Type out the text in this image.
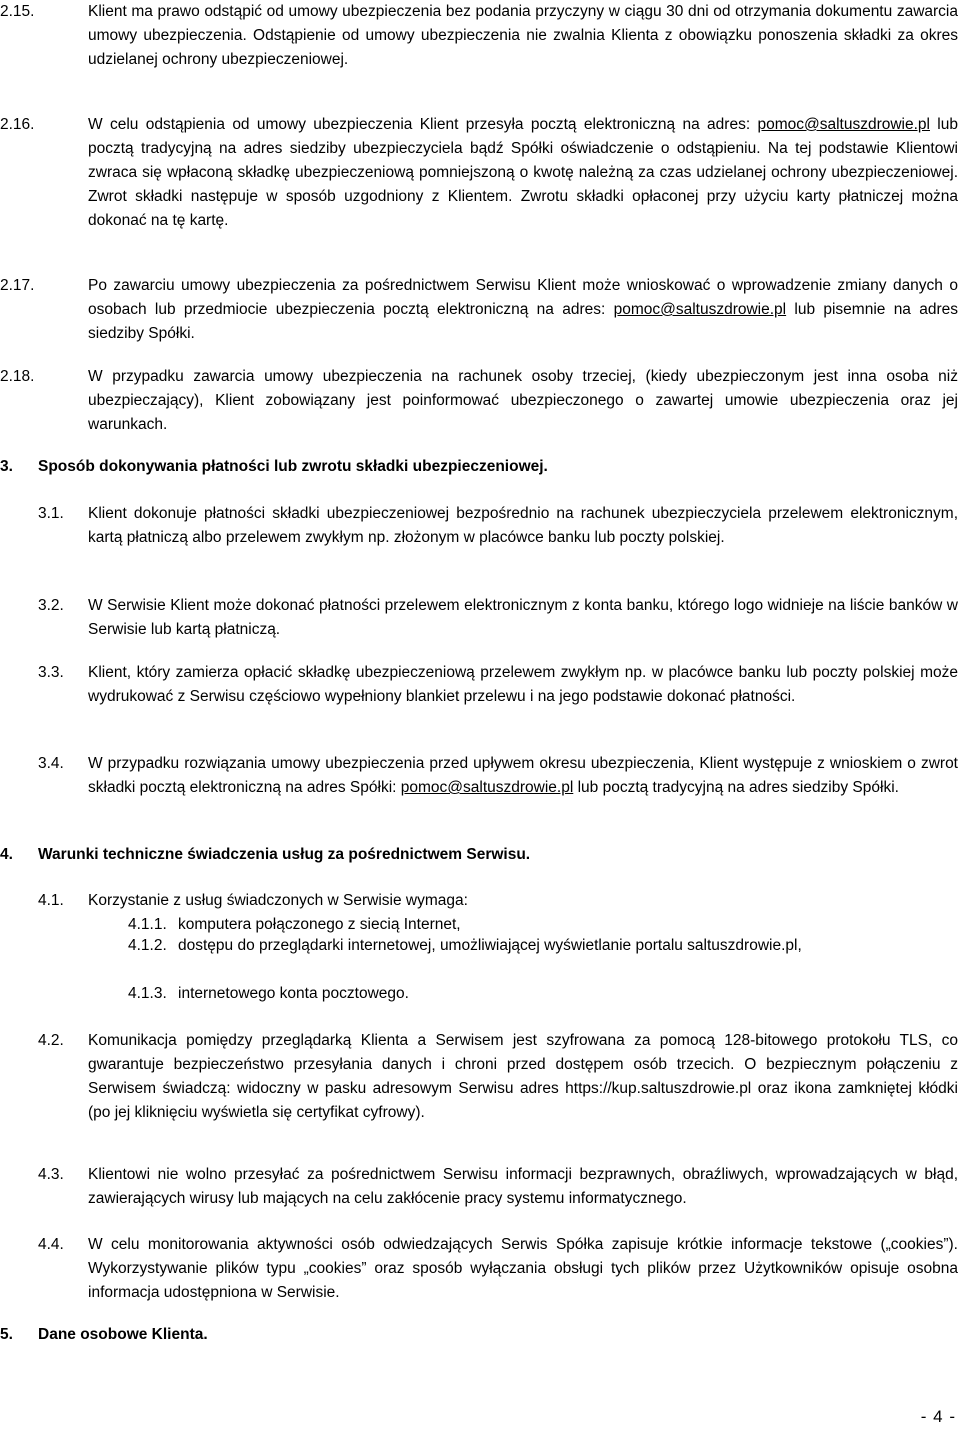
2.15.	Klient ma prawo odstąpić od umowy ubezpieczenia bez podania przyczyny w ciągu 30 dni od otrzymania dokumentu zawarcia umowy ubezpieczenia. Odstąpienie od umowy ubezpieczenia nie zwalnia Klienta z obowiązku ponoszenia składki za okres udzielanej ochrony ubezpieczeniowej.
2.16.	W celu odstąpienia od umowy ubezpieczenia Klient przesyła pocztą elektroniczną na adres: pomoc@saltuszdrowie.pl lub pocztą tradycyjną na adres siedziby ubezpieczyciela bądź Spółki oświadczenie o odstąpieniu. Na tej podstawie Klientowi zwraca się wpłaconą składkę ubezpieczeniową pomniejszoną o kwotę należną za czas udzielanej ochrony ubezpieczeniowej. Zwrot składki następuje w sposób uzgodniony z Klientem. Zwrotu składki opłaconej przy użyciu karty płatniczej można dokonać na tę kartę.
2.17.	Po zawarciu umowy ubezpieczenia za pośrednictwem Serwisu Klient może wnioskować o wprowadzenie zmiany danych o osobach lub przedmiocie ubezpieczenia pocztą elektroniczną na adres: pomoc@saltuszdrowie.pl lub pisemnie na adres siedziby Spółki.
2.18.	W przypadku zawarcia umowy ubezpieczenia na rachunek osoby trzeciej, (kiedy ubezpieczonym jest inna osoba niż ubezpieczający), Klient zobowiązany jest poinformować ubezpieczonego o zawartej umowie ubezpieczenia oraz jej warunkach.
3. Sposób dokonywania płatności lub zwrotu składki ubezpieczeniowej.
3.1. Klient dokonuje płatności składki ubezpieczeniowej bezpośrednio na rachunek ubezpieczyciela przelewem elektronicznym, kartą płatniczą albo przelewem zwykłym np. złożonym w placówce banku lub poczty polskiej.
3.2. W Serwisie Klient może dokonać płatności przelewem elektronicznym z konta banku, którego logo widnieje na liście banków w Serwisie lub kartą płatniczą.
3.3. Klient, który zamierza opłacić składkę ubezpieczeniową przelewem zwykłym np. w placówce banku lub poczty polskiej może wydrukować z Serwisu częściowo wypełniony blankiet przelewu i na jego podstawie dokonać płatności.
3.4. W przypadku rozwiązania umowy ubezpieczenia przed upływem okresu ubezpieczenia, Klient występuje z wnioskiem o zwrot składki pocztą elektroniczną na adres Spółki: pomoc@saltuszdrowie.pl lub pocztą tradycyjną na adres siedziby Spółki.
4. Warunki techniczne świadczenia usług za pośrednictwem Serwisu.
4.1. Korzystanie z usług świadczonych w Serwisie wymaga:
4.1.1. komputera połączonego z siecią Internet,
4.1.2. dostępu do przeglądarki internetowej, umożliwiającej wyświetlanie portalu saltuszdrowie.pl,
4.1.3. internetowego konta pocztowego.
4.2. Komunikacja pomiędzy przeglądarką Klienta a Serwisem jest szyfrowana za pomocą 128-bitowego protokołu TLS, co gwarantuje bezpieczeństwo przesyłania danych i chroni przed dostępem osób trzecich. O bezpiecznym połączeniu z Serwisem świadczą: widoczny w pasku adresowym Serwisu adres https://kup.saltuszdrowie.pl oraz ikona zamkniętej kłódki (po jej kliknięciu wyświetla się certyfikat cyfrowy).
4.3. Klientowi nie wolno przesyłać za pośrednictwem Serwisu informacji bezprawnych, obraźliwych, wprowadzających w błąd, zawierających wirusy lub mających na celu zakłócenie pracy systemu informatycznego.
4.4. W celu monitorowania aktywności osób odwiedzających Serwis Spółka zapisuje krótkie informacje tekstowe („cookies”). Wykorzystywanie plików typu „cookies” oraz sposób wyłączania obsługi tych plików przez Użytkowników opisuje osobna informacja udostępniona w Serwisie.
5. Dane osobowe Klienta.
- 4 -
